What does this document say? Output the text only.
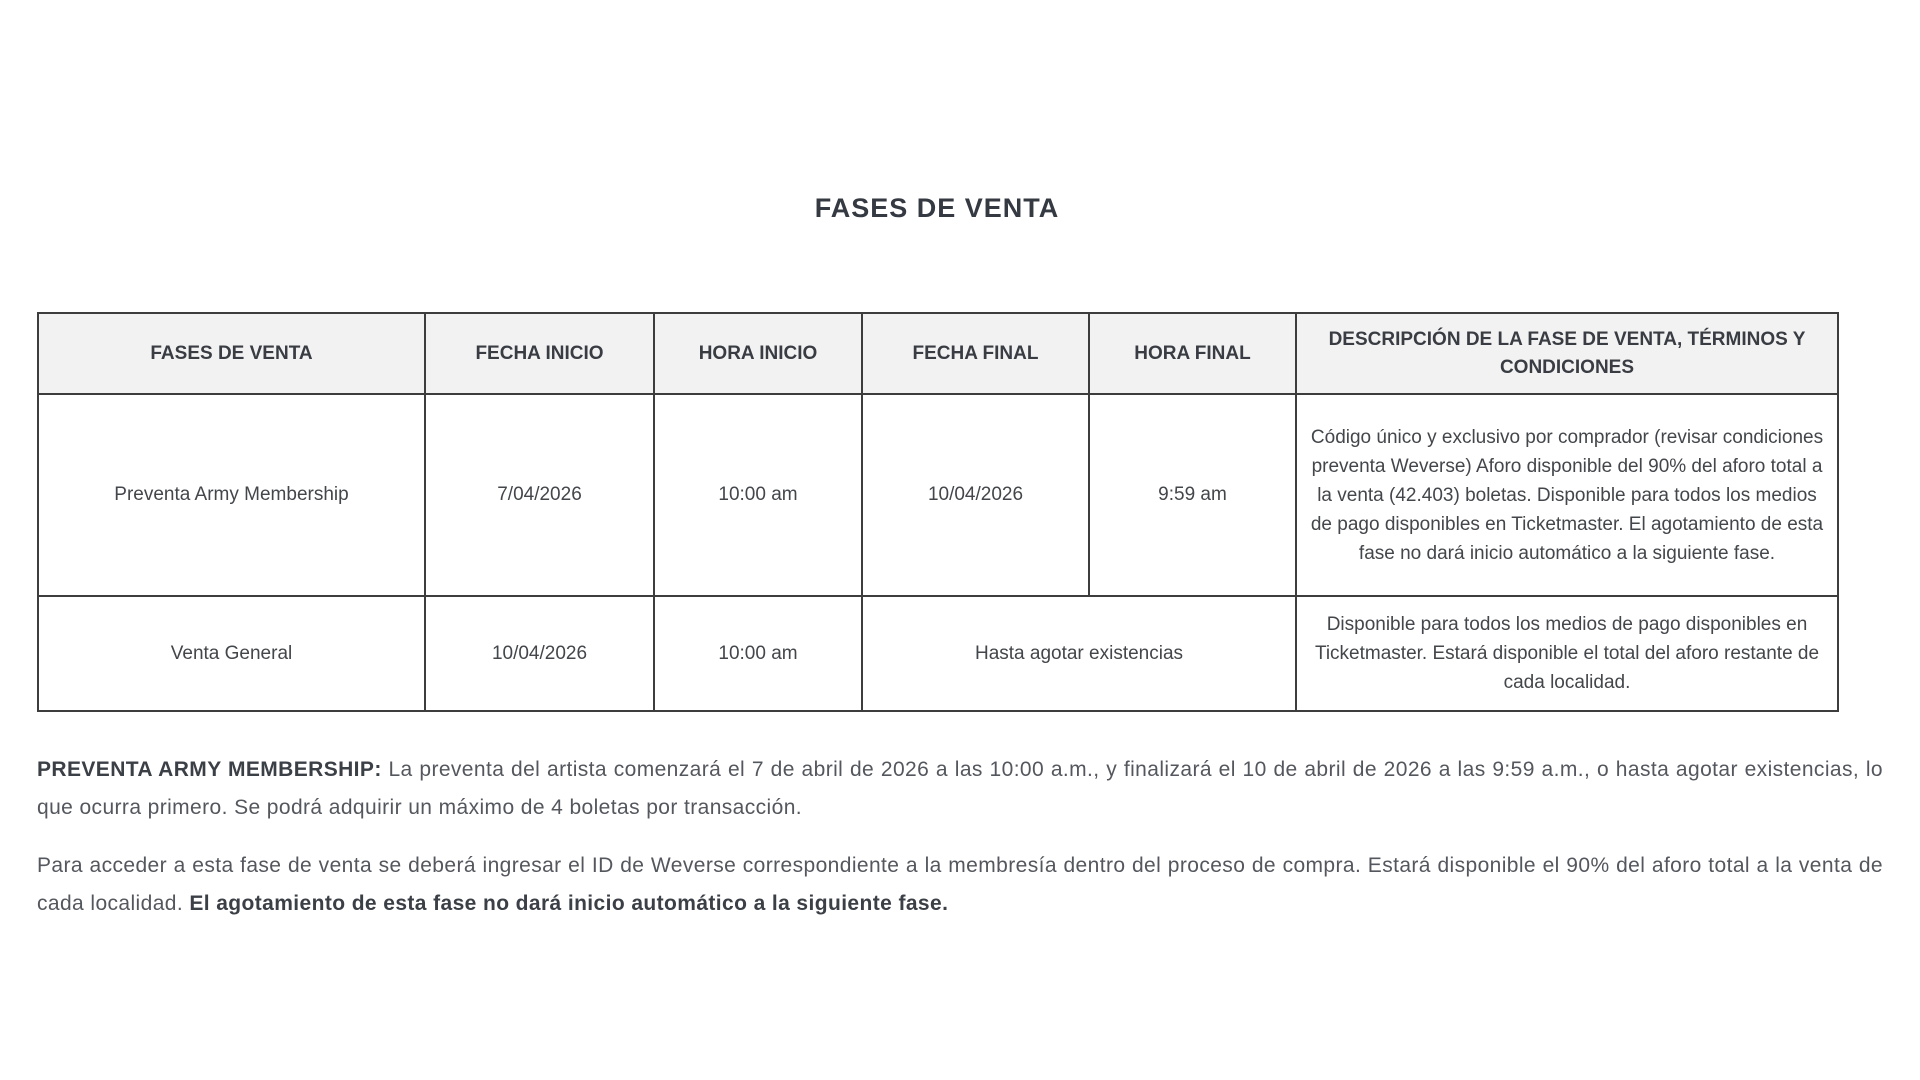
FASES DE VENTA
FASES DE VENTA	FECHA INICIO	HORA INICIO	FECHA FINAL	HORA FINAL	DESCRIPCIÓN DE LA FASE DE VENTA, TÉRMINOS Y CONDICIONES
Preventa Army Membership	7/04/2026	10:00 am	10/04/2026	9:59 am	Código único y exclusivo por comprador (revisar condiciones preventa Weverse) Aforo disponible del 90% del aforo total a la venta (42.403) boletas. Disponible para todos los medios de pago disponibles en Ticketmaster. El agotamiento de esta fase no dará inicio automático a la siguiente fase.
Venta General	10/04/2026	10:00 am	Hasta agotar existencias		Disponible para todos los medios de pago disponibles en Ticketmaster. Estará disponible el total del aforo restante de cada localidad.

PREVENTA ARMY MEMBERSHIP: La preventa del artista comenzará el 7 de abril de 2026 a las 10:00 a.m., y finalizará el 10 de abril de 2026 a las 9:59 a.m., o hasta agotar existencias, lo que ocurra primero. Se podrá adquirir un máximo de 4 boletas por transacción.

Para acceder a esta fase de venta se deberá ingresar el ID de Weverse correspondiente a la membresía dentro del proceso de compra. Estará disponible el 90% del aforo total a la venta de cada localidad. El agotamiento de esta fase no dará inicio automático a la siguiente fase.
